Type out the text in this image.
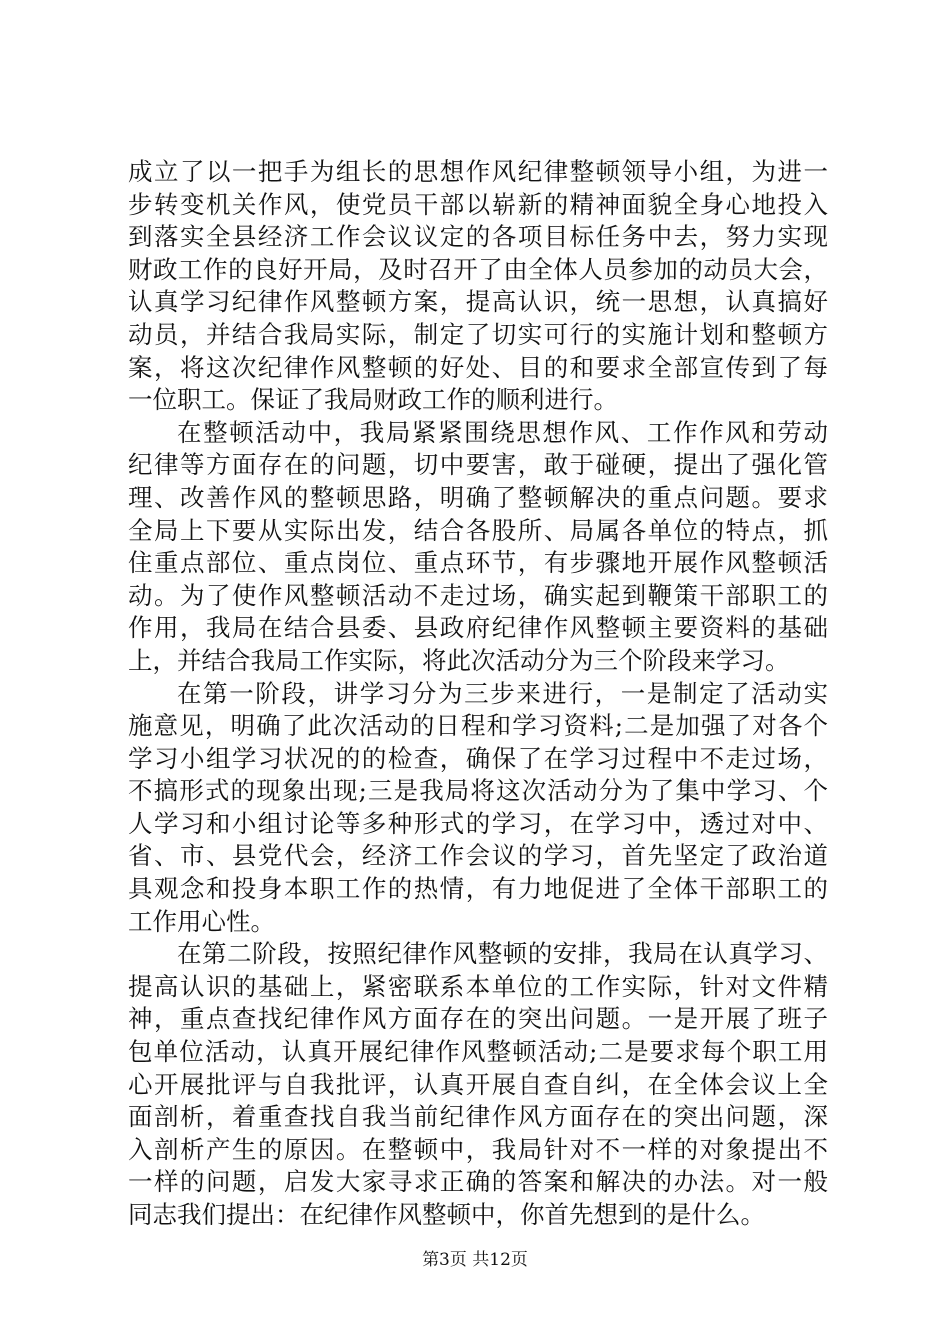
成立了以一把手为组长的思想作风纪律整顿领导小组，为进一
步转变机关作风，使党员干部以崭新的精神面貌全身心地投入
到落实全县经济工作会议议定的各项目标任务中去，努力实现
财政工作的良好开局，及时召开了由全体人员参加的动员大会，
认真学习纪律作风整顿方案，提高认识，统一思想，认真搞好
动员，并结合我局实际，制定了切实可行的实施计划和整顿方
案，将这次纪律作风整顿的好处、目的和要求全部宣传到了每
一位职工。保证了我局财政工作的顺利进行。
在整顿活动中，我局紧紧围绕思想作风、工作作风和劳动
纪律等方面存在的问题，切中要害，敢于碰硬，提出了强化管
理、改善作风的整顿思路，明确了整顿解决的重点问题。要求
全局上下要从实际出发，结合各股所、局属各单位的特点，抓
住重点部位、重点岗位、重点环节，有步骤地开展作风整顿活
动。为了使作风整顿活动不走过场，确实起到鞭策干部职工的
作用，我局在结合县委、县政府纪律作风整顿主要资料的基础
上，并结合我局工作实际，将此次活动分为三个阶段来学习。
在第一阶段，讲学习分为三步来进行，一是制定了活动实
施意见，明确了此次活动的日程和学习资料;二是加强了对各个
学习小组学习状况的的检查，确保了在学习过程中不走过场，
不搞形式的现象出现;三是我局将这次活动分为了集中学习、个
人学习和小组讨论等多种形式的学习，在学习中，透过对中、
省、市、县党代会，经济工作会议的学习，首先坚定了政治道
具观念和投身本职工作的热情，有力地促进了全体干部职工的
工作用心性。
在第二阶段，按照纪律作风整顿的安排，我局在认真学习、
提高认识的基础上，紧密联系本单位的工作实际，针对文件精
神，重点查找纪律作风方面存在的突出问题。一是开展了班子
包单位活动，认真开展纪律作风整顿活动;二是要求每个职工用
心开展批评与自我批评，认真开展自查自纠，在全体会议上全
面剖析，着重查找自我当前纪律作风方面存在的突出问题，深
入剖析产生的原因。在整顿中，我局针对不一样的对象提出不
一样的问题，启发大家寻求正确的答案和解决的办法。对一般
同志我们提出：在纪律作风整顿中，你首先想到的是什么。
第3页 共12页
